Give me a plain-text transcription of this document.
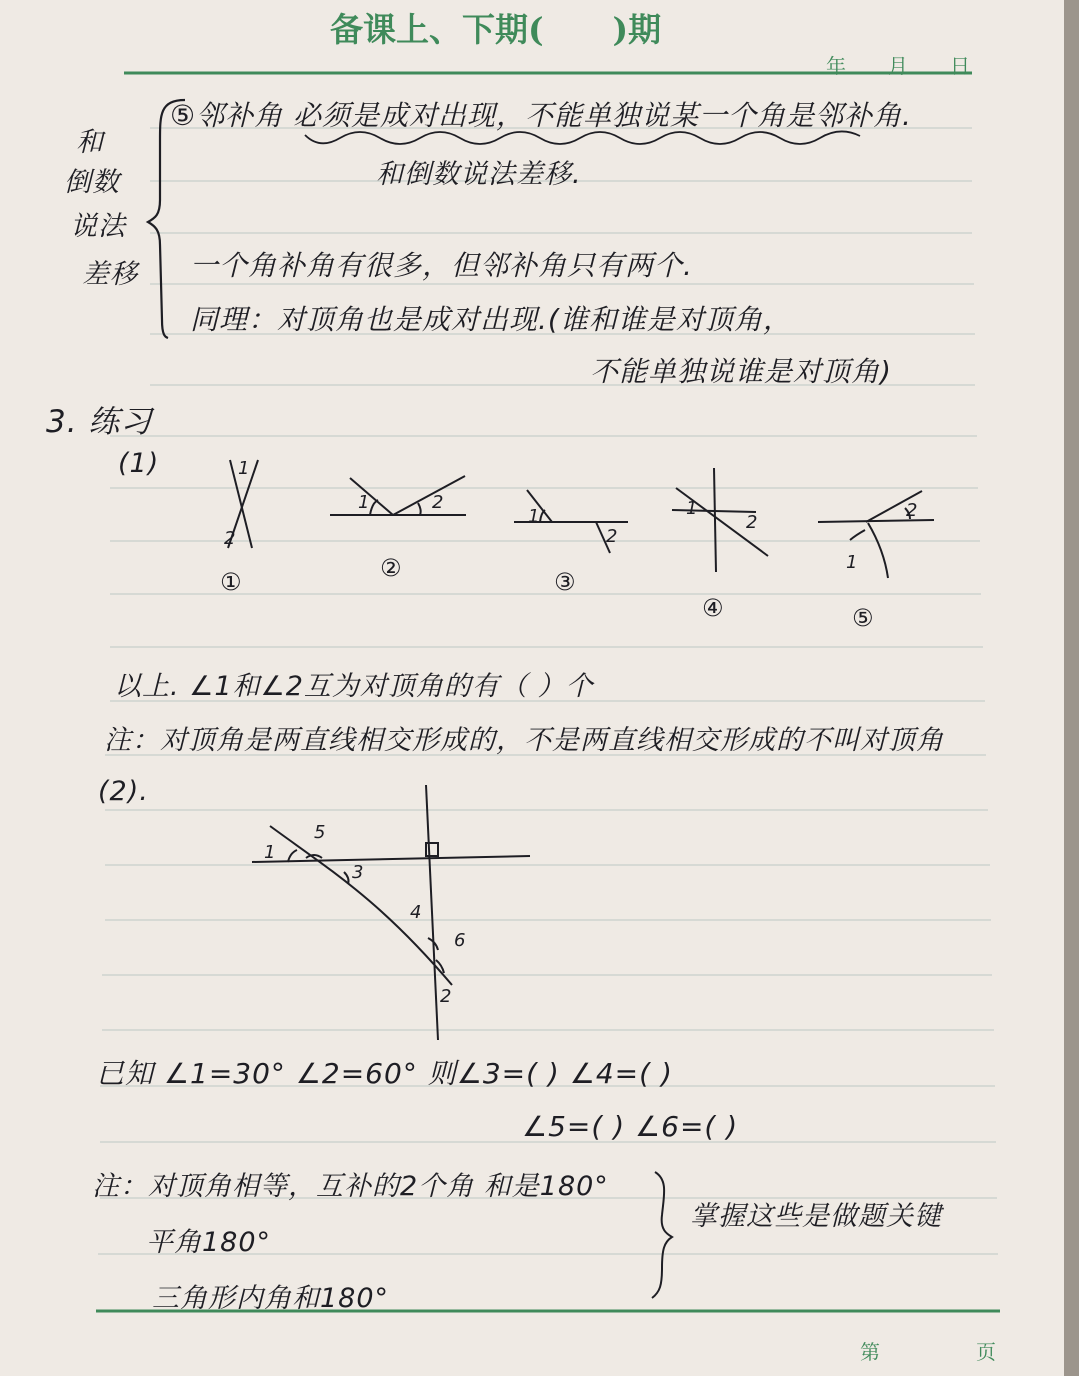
备课上、下期(      )期
年 月 日
和
倒数
说法
差移
⑤邻补角 必须是成对出现，不能单独说某一个角是邻补角.
和倒数说法差移.
一个角补角有很多，但邻补角只有两个.
同理：对顶角也是成对出现.(谁和谁是对顶角，
不能单独说谁是对顶角)
3. 练习
(1)	1
2
1	2
1
2
1
2
1
2
①	②	③
④	⑤
以上. ∠1和∠2互为对顶角的有（ ）个
注：对顶角是两直线相交形成的，不是两直线相交形成的不叫对顶角
(2).
1
2
3
4
5
6
已知 ∠1=30° ∠2=60° 则∠3=( ) ∠4=( )
∠5=( ) ∠6=( )
注：对顶角相等，互补的2个角 和是180°
平角180°
三角形内角和180°
掌握这些是做题关键
第	页
